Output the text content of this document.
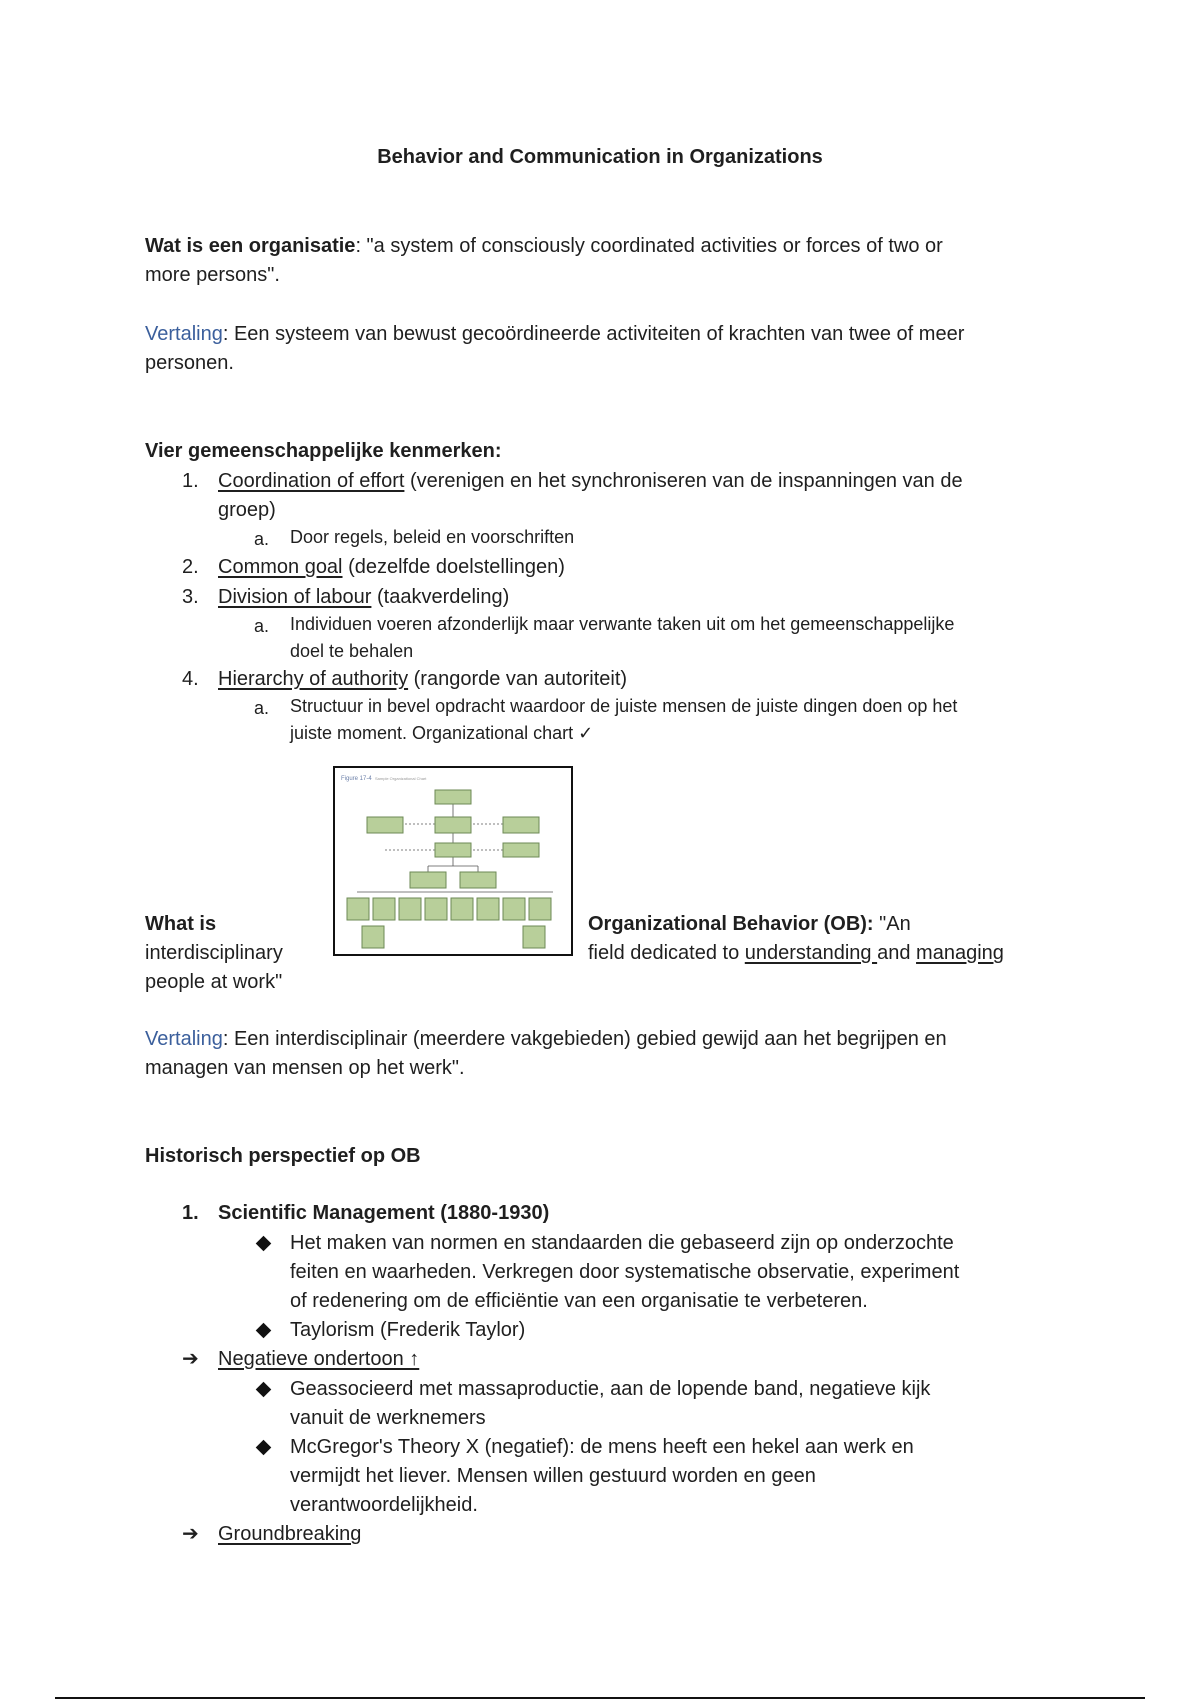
Behavior and Communication in Organizations
Wat is een organisatie: "a system of consciously coordinated activities or forces of two or
more persons".
Vertaling: Een systeem van bewust gecoördineerde activiteiten of krachten van twee of meer
personen.
Vier gemeenschappelijke kenmerken:
1. Coordination of effort (verenigen en het synchroniseren van de inspanningen van de
groep)
a. Door regels, beleid en voorschriften
2. Common goal (dezelfde doelstellingen)
3. Division of labour (taakverdeling)
a. Individuen voeren afzonderlijk maar verwante taken uit om het gemeenschappelijke
doel te behalen
4. Hierarchy of authority (rangorde van autoriteit)
a. Structuur in bevel opdracht waardoor de juiste mensen de juiste dingen doen op het
juiste moment. Organizational chart ✓
Figure 17-4 Sample Organizational Chart
What is
interdisciplinary
people at work"
Organizational Behavior (OB): "An
field dedicated to understanding and managing
Vertaling: Een interdisciplinair (meerdere vakgebieden) gebied gewijd aan het begrijpen en
managen van mensen op het werk".
Historisch perspectief op OB
1. Scientific Management (1880-1930)
Het maken van normen en standaarden die gebaseerd zijn op onderzochte
feiten en waarheden. Verkregen door systematische observatie, experiment
of redenering om de efficiëntie van een organisatie te verbeteren.
Taylorism (Frederik Taylor)
➔ Negatieve ondertoon ↑
Geassocieerd met massaproductie, aan de lopende band, negatieve kijk
vanuit de werknemers
McGregor's Theory X (negatief): de mens heeft een hekel aan werk en
vermijdt het liever. Mensen willen gestuurd worden en geen
verantwoordelijkheid.
➔ Groundbreaking
